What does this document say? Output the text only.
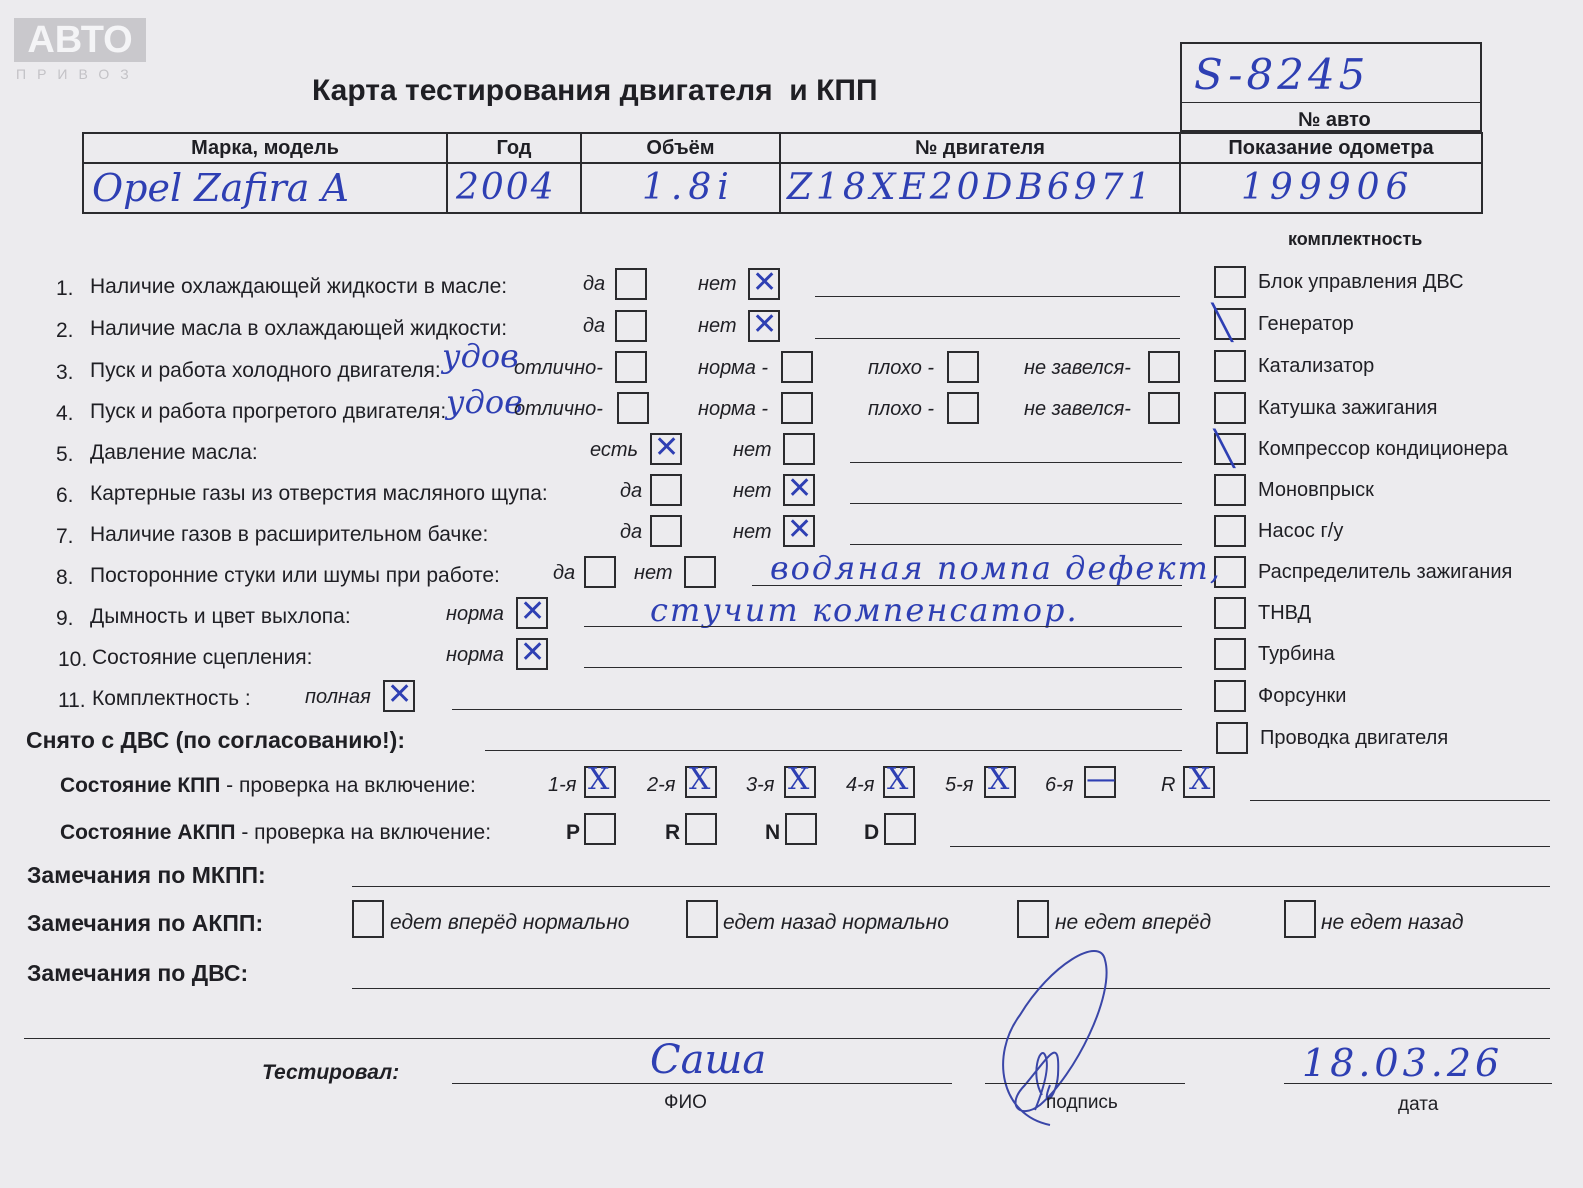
АВТО
ПРИВОЗ	Карта тестирования двигателя  и КПП	S-8245
№ авто
Марка, модель	Год	Объём	№ двигателя	Показание одометра

Opel Zafira A	2004	1.8i	Z18XE20DB6971	199906
комплектность
Блок управления ДВС
╲ Генератор
Катализатор
Катушка зажигания
╲ Компрессор кондиционера
Моновпрыск
Насос г/у
Распределитель зажигания
ТНВД
Турбина
Форсунки
Проводка двигателя
1. Наличие охлаждающей жидкости в масле:	да	нет ✕
2. Наличие масла в охлаждающей жидкости:	да	нет ✕
3. Пуск и работа холодного двигателя: удов
отлично-	норма -	плохо -	не завелся-
4. Пуск и работа прогретого двигателя: удов
отлично-	норма -	плохо -	не завелся-
5. Давление масла:	есть ✕	нет
6. Картерные газы из отверстия масляного щупа:	да	нет ✕
7. Наличие газов в расширительном бачке:	да	нет ✕
8. Посторонние стуки или шумы при работе:	да	нет	водяная помпа дефект,
9. Дымность и цвет выхлопа:	норма ✕	стучит компенсатор.
10. Состояние сцепления:	норма ✕
11. Комплектность :	полная ✕
Снято с ДВС (по согласованию!):
Состояние КПП - проверка на включение:	1-я X 2-я X 3-я X 4-я X 5-я X 6-я — R X
Состояние АКПП - проверка на включение:	P	R	N	D
Замечания по МКПП:
Замечания по АКПП:	едет вперёд нормально	едет назад нормально	не едет вперёд	не едет назад
Замечания по ДВС:
Тестировал:	Саша
ФИО	подпись
18.03.26
дата
